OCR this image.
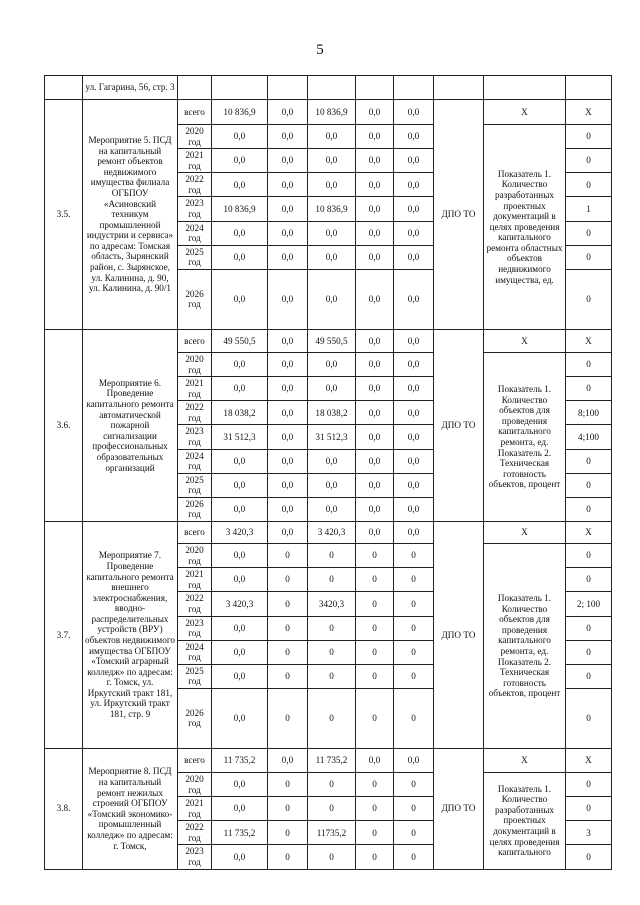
5
	ул. Гагарина, 56, стр. 3									
3.5.	Мероприятие 5. ПСД на капитальный ремонт объектов недвижимого имущества филиала ОГБПОУ «Асиновский техникум промышленной индустрии и сервиса» по адресам: Томская область, Зырянский район, с. Зырянское, ул. Калинина, д. 90, ул. Калинина, д. 90/1	всего	10 836,9	0,0	10 836,9	0,0	0,0	ДПО ТО	X	X
		2020 год	0,0	0,0	0,0	0,0	0,0		Показатель 1. Количество разработанных проектных документаций в целях проведения капитального ремонта областных объектов недвижимого имущества, ед.	0
		2021 год	0,0	0,0	0,0	0,0	0,0			0
		2022 год	0,0	0,0	0,0	0,0	0,0			0
		2023 год	10 836,9	0,0	10 836,9	0,0	0,0			1
		2024 год	0,0	0,0	0,0	0,0	0,0			0
		2025 год	0,0	0,0	0,0	0,0	0,0			0
		2026 год	0,0	0,0	0,0	0,0	0,0			0
3.6.	Мероприятие 6. Проведение капитального ремонта автоматической пожарной сигнализации профессиональных образовательных организаций	всего	49 550,5	0,0	49 550,5	0,0	0,0	ДПО ТО	X	X
		2020 год	0,0	0,0	0,0	0,0	0,0		Показатель 1. Количество объектов для проведения капитального ремонта, ед. Показатель 2. Техническая готовность объектов, процент	0
		2021 год	0,0	0,0	0,0	0,0	0,0			0
		2022 год	18 038,2	0,0	18 038,2	0,0	0,0			8;100
		2023 год	31 512,3	0,0	31 512,3	0,0	0,0			4;100
		2024 год	0,0	0,0	0,0	0,0	0,0			0
		2025 год	0,0	0,0	0,0	0,0	0,0			0
		2026 год	0,0	0,0	0,0	0,0	0,0			0
3.7.	Мероприятие 7. Проведение капитального ремонта внешнего электроснабжения, вводно-распределительных устройств (ВРУ) объектов недвижимого имущества ОГБПОУ «Томский аграрный колледж» по адресам: г. Томск, ул. Иркутский тракт 181, ул. Иркутский тракт 181, стр. 9	всего	3 420,3	0,0	3 420,3	0,0	0,0	ДПО ТО	X	X
		2020 год	0,0	0	0	0	0		Показатель 1. Количество объектов для проведения капитального ремонта, ед. Показатель 2. Техническая готовность объектов, процент	0
		2021 год	0,0	0	0	0	0			0
		2022 год	3 420,3	0	3420,3	0	0			2; 100
		2023 год	0,0	0	0	0	0			0
		2024 год	0,0	0	0	0	0			0
		2025 год	0,0	0	0	0	0			0
		2026 год	0,0	0	0	0	0			0
3.8.	Мероприятие 8. ПСД на капитальный ремонт нежилых строений ОГБПОУ «Томский экономико-промышленный колледж» по адресам: г. Томск,	всего	11 735,2	0,0	11 735,2	0,0	0,0	ДПО ТО	X	X
		2020 год	0,0	0	0	0	0		Показатель 1. Количество разработанных проектных документаций в целях проведения капитального	0
		2021 год	0,0	0	0	0	0			0
		2022 год	11 735,2	0	11735,2	0	0			3
		2023 год	0,0	0	0	0	0			0
